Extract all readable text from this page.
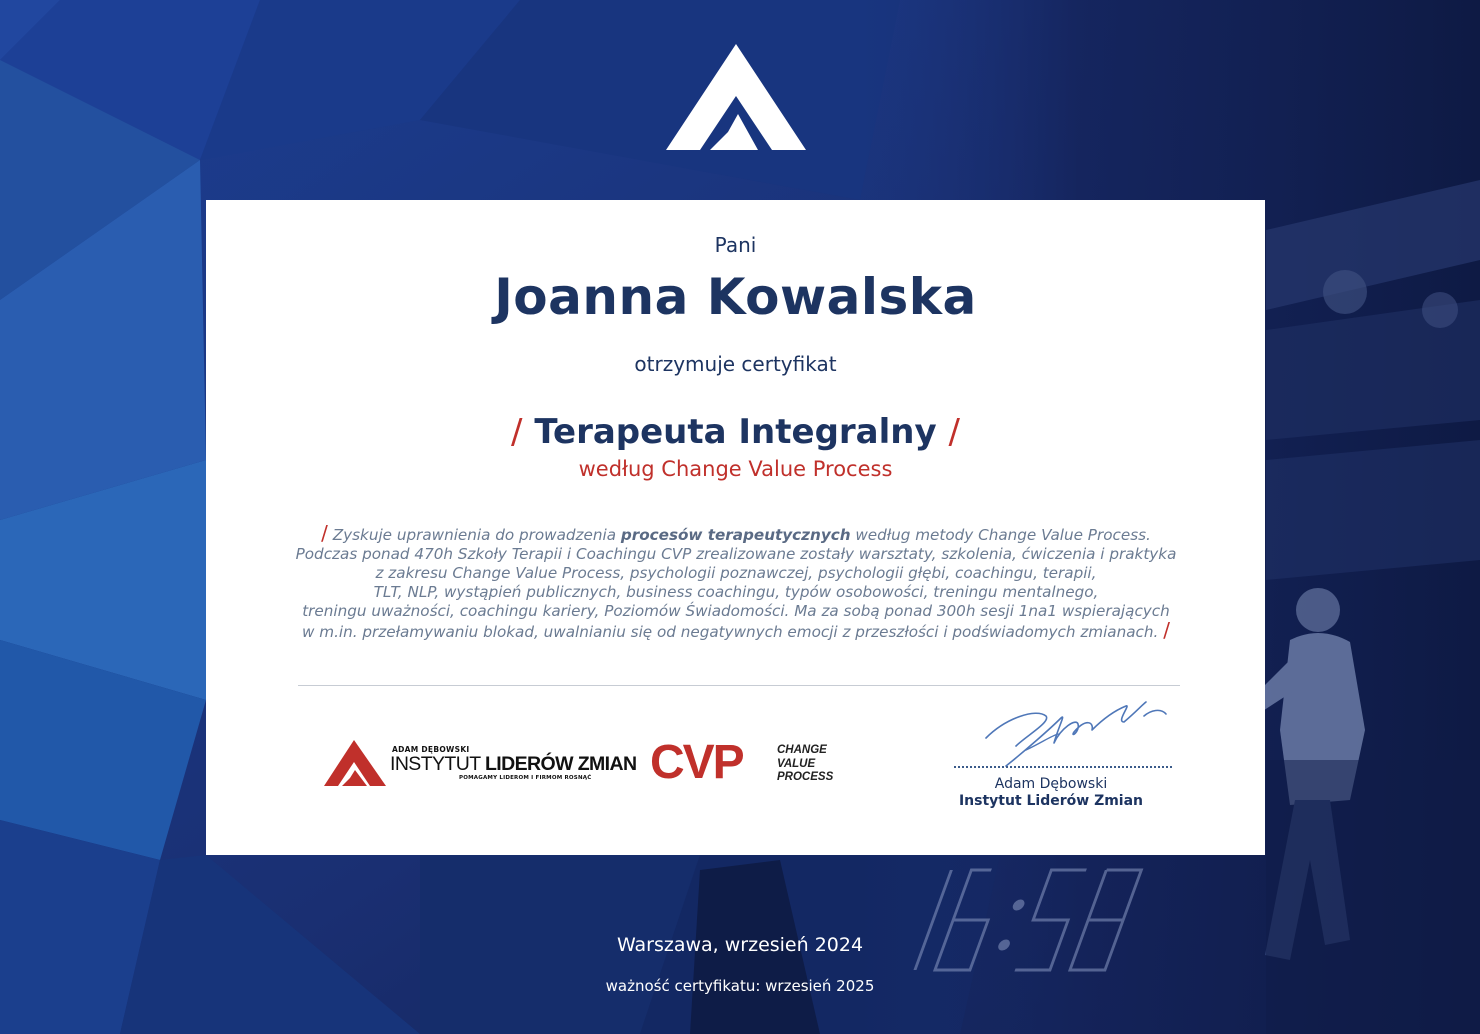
Pani
Joanna Kowalska
otrzymuje certyfikat
/ Terapeuta Integralny /
według Change Value Process
/ Zyskuje uprawnienia do prowadzenia procesów terapeutycznych według metody Change Value Process.
Podczas ponad 470h Szkoły Terapii i Coachingu CVP zrealizowane zostały warsztaty, szkolenia, ćwiczenia i praktyka
z zakresu Change Value Process, psychologii poznawczej, psychologii głębi, coachingu, terapii,
TLT, NLP, wystąpień publicznych, business coachingu, typów osobowości, treningu mentalnego,
treningu uważności, coachingu kariery, Poziomów Świadomości. Ma za sobą ponad 300h sesji 1na1 wspierających
w m.in. przełamywaniu blokad, uwalnianiu się od negatywnych emocji z przeszłości i podświadomych zmianach. /
ADAM DĘBOWSKI
INSTYTUT LIDERÓW ZMIAN
POMAGAMY LIDEROM I FIRMOM ROSNĄĆ CVP	CHANGE
VALUE
PROCESS	Adam Dębowski
Instytut Liderów Zmian
Warszawa, wrzesień 2024
ważność certyfikatu: wrzesień 2025
